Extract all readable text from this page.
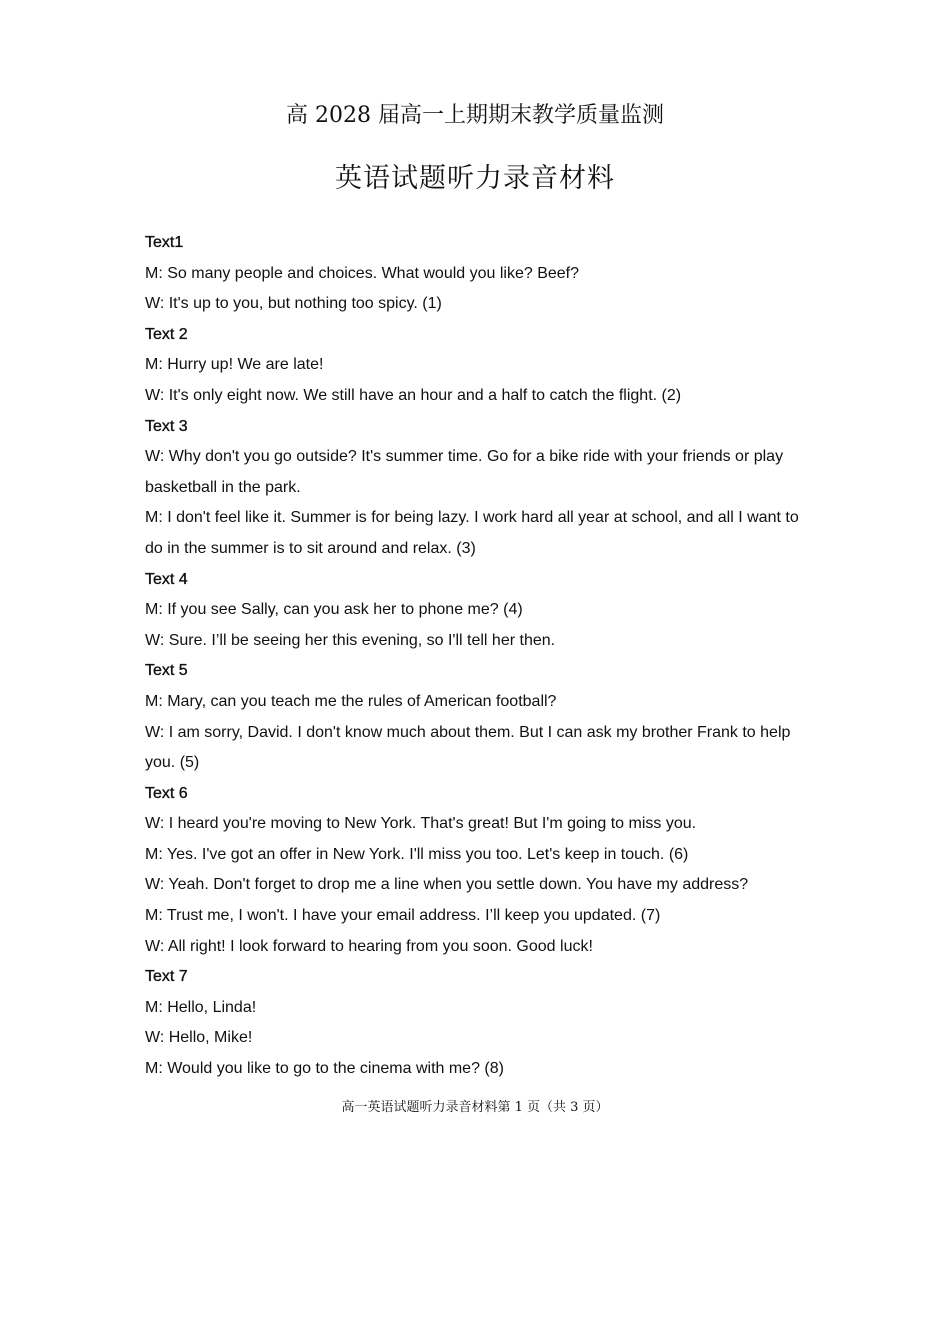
高 2028 届高一上期期末教学质量监测
英语试题听力录音材料
Text1
M: So many people and choices. What would you like? Beef?
W: It's up to you, but nothing too spicy. (1)
Text 2
M: Hurry up! We are late!
W: It's only eight now. We still have an hour and a half to catch the flight. (2)
Text 3
W: Why don't you go outside? It's summer time. Go for a bike ride with your friends or play basketball in the park.
M: I don't feel like it. Summer is for being lazy. I work hard all year at school, and all I want to do in the summer is to sit around and relax. (3)
Text 4
M: If you see Sally, can you ask her to phone me? (4)
W: Sure. I’ll be seeing her this evening, so I'll tell her then.
Text 5
M: Mary, can you teach me the rules of American football?
W: I am sorry, David. I don't know much about them. But I can ask my brother Frank to help you. (5)
Text 6
W: I heard you're moving to New York. That's great! But I'm going to miss you.
M: Yes. I've got an offer in New York. I'll miss you too. Let's keep in touch. (6)
W: Yeah. Don't forget to drop me a line when you settle down. You have my address?
M: Trust me, I won't. I have your email address. I’ll keep you updated. (7)
W: All right! I look forward to hearing from you soon. Good luck!
Text 7
M: Hello, Linda!
W: Hello, Mike!
M: Would you like to go to the cinema with me? (8)
高一英语试题听力录音材料第 1 页（共 3 页）
